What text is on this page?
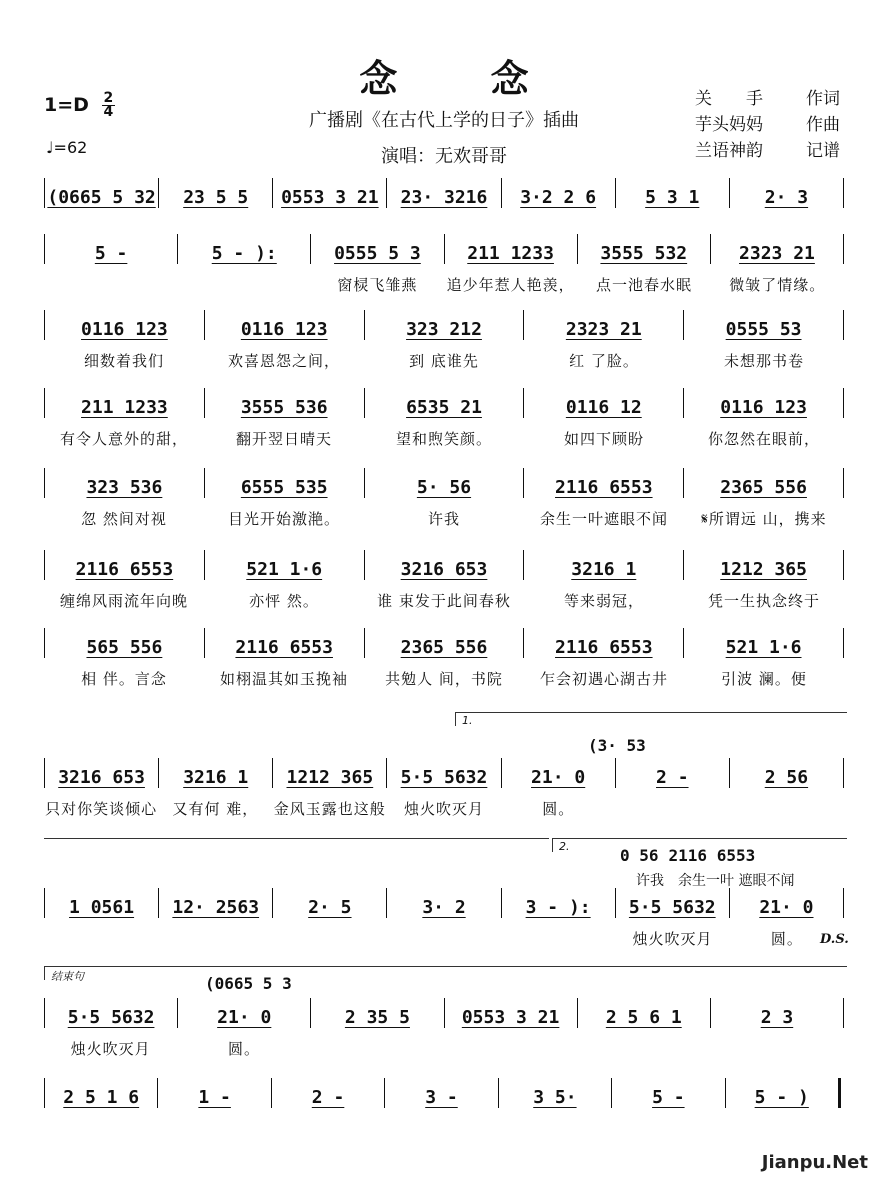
念 念
广播剧《在古代上学的日子》插曲
演唱：无欢哥哥
$1=D \frac{2}{4}$
♩=62
关　　手	作词
芋头妈妈	作曲
兰语神韵	记谱
(0665 5 32	23 5 5	0553 3 21	23· 3216	3·2 2 6	5 3 1	2· 3
5 -	5 - ):	0555 5 3	211 1233	3555 532	2323 21
窗棂飞雏燕	追少年惹人艳羡，	点一池春水眠	微皱了情缘。
0116 123	0116 123	323 212	2323 21	0555 53
细数着我们	欢喜恩怨之间，	到 底谁先	红 了脸。	未想那书卷
211 1233	3555 536	6535 21	0116 12	0116 123
有令人意外的甜，	翻开翌日晴天	望和煦笑颜。	如四下顾盼	你忽然在眼前，
323 536	6555 535	5· 56	2116 6553	2365 556
忽 然间对视	目光开始激滟。	许我	余生一叶遮眼不闻	𝄋所谓远 山，携来
2116 6553	521 1·6	3216 653	3216 1	1212 365
缠绵风雨流年向晚	亦怦 然。	谁 束发于此间春秋	等来弱冠，	凭一生执念终于
565 556	2116 6553	2365 556	2116 6553	521 1·6
相 伴。言念	如栩温其如玉挽袖	共勉人 间，书院	乍会初遇心湖古井	引波 澜。便
3216 653	3216 1	1212 365	5·5 5632	21· 0	2 -	2 56
只对你笑谈倾心	又有何 难，	金风玉露也这般	烛火吹灭月	圆。
1 0561	12· 2563	2· 5	3· 2	3 - ):	5·5 5632	21· 0
烛火吹灭月	圆。
5·5 5632	21· 0	2 35 5	0553 3 21	2 5 6 1	2 3
烛火吹灭月	圆。
2 5 1 6	1 -	2 -	3 -	3 5·	5 -	5 - )
1.
(3· 53
2.	0 56 2116 6553
许我　余生一叶 遮眼不闻
D.S.
结束句	(0665 5 3
Jianpu.Net
